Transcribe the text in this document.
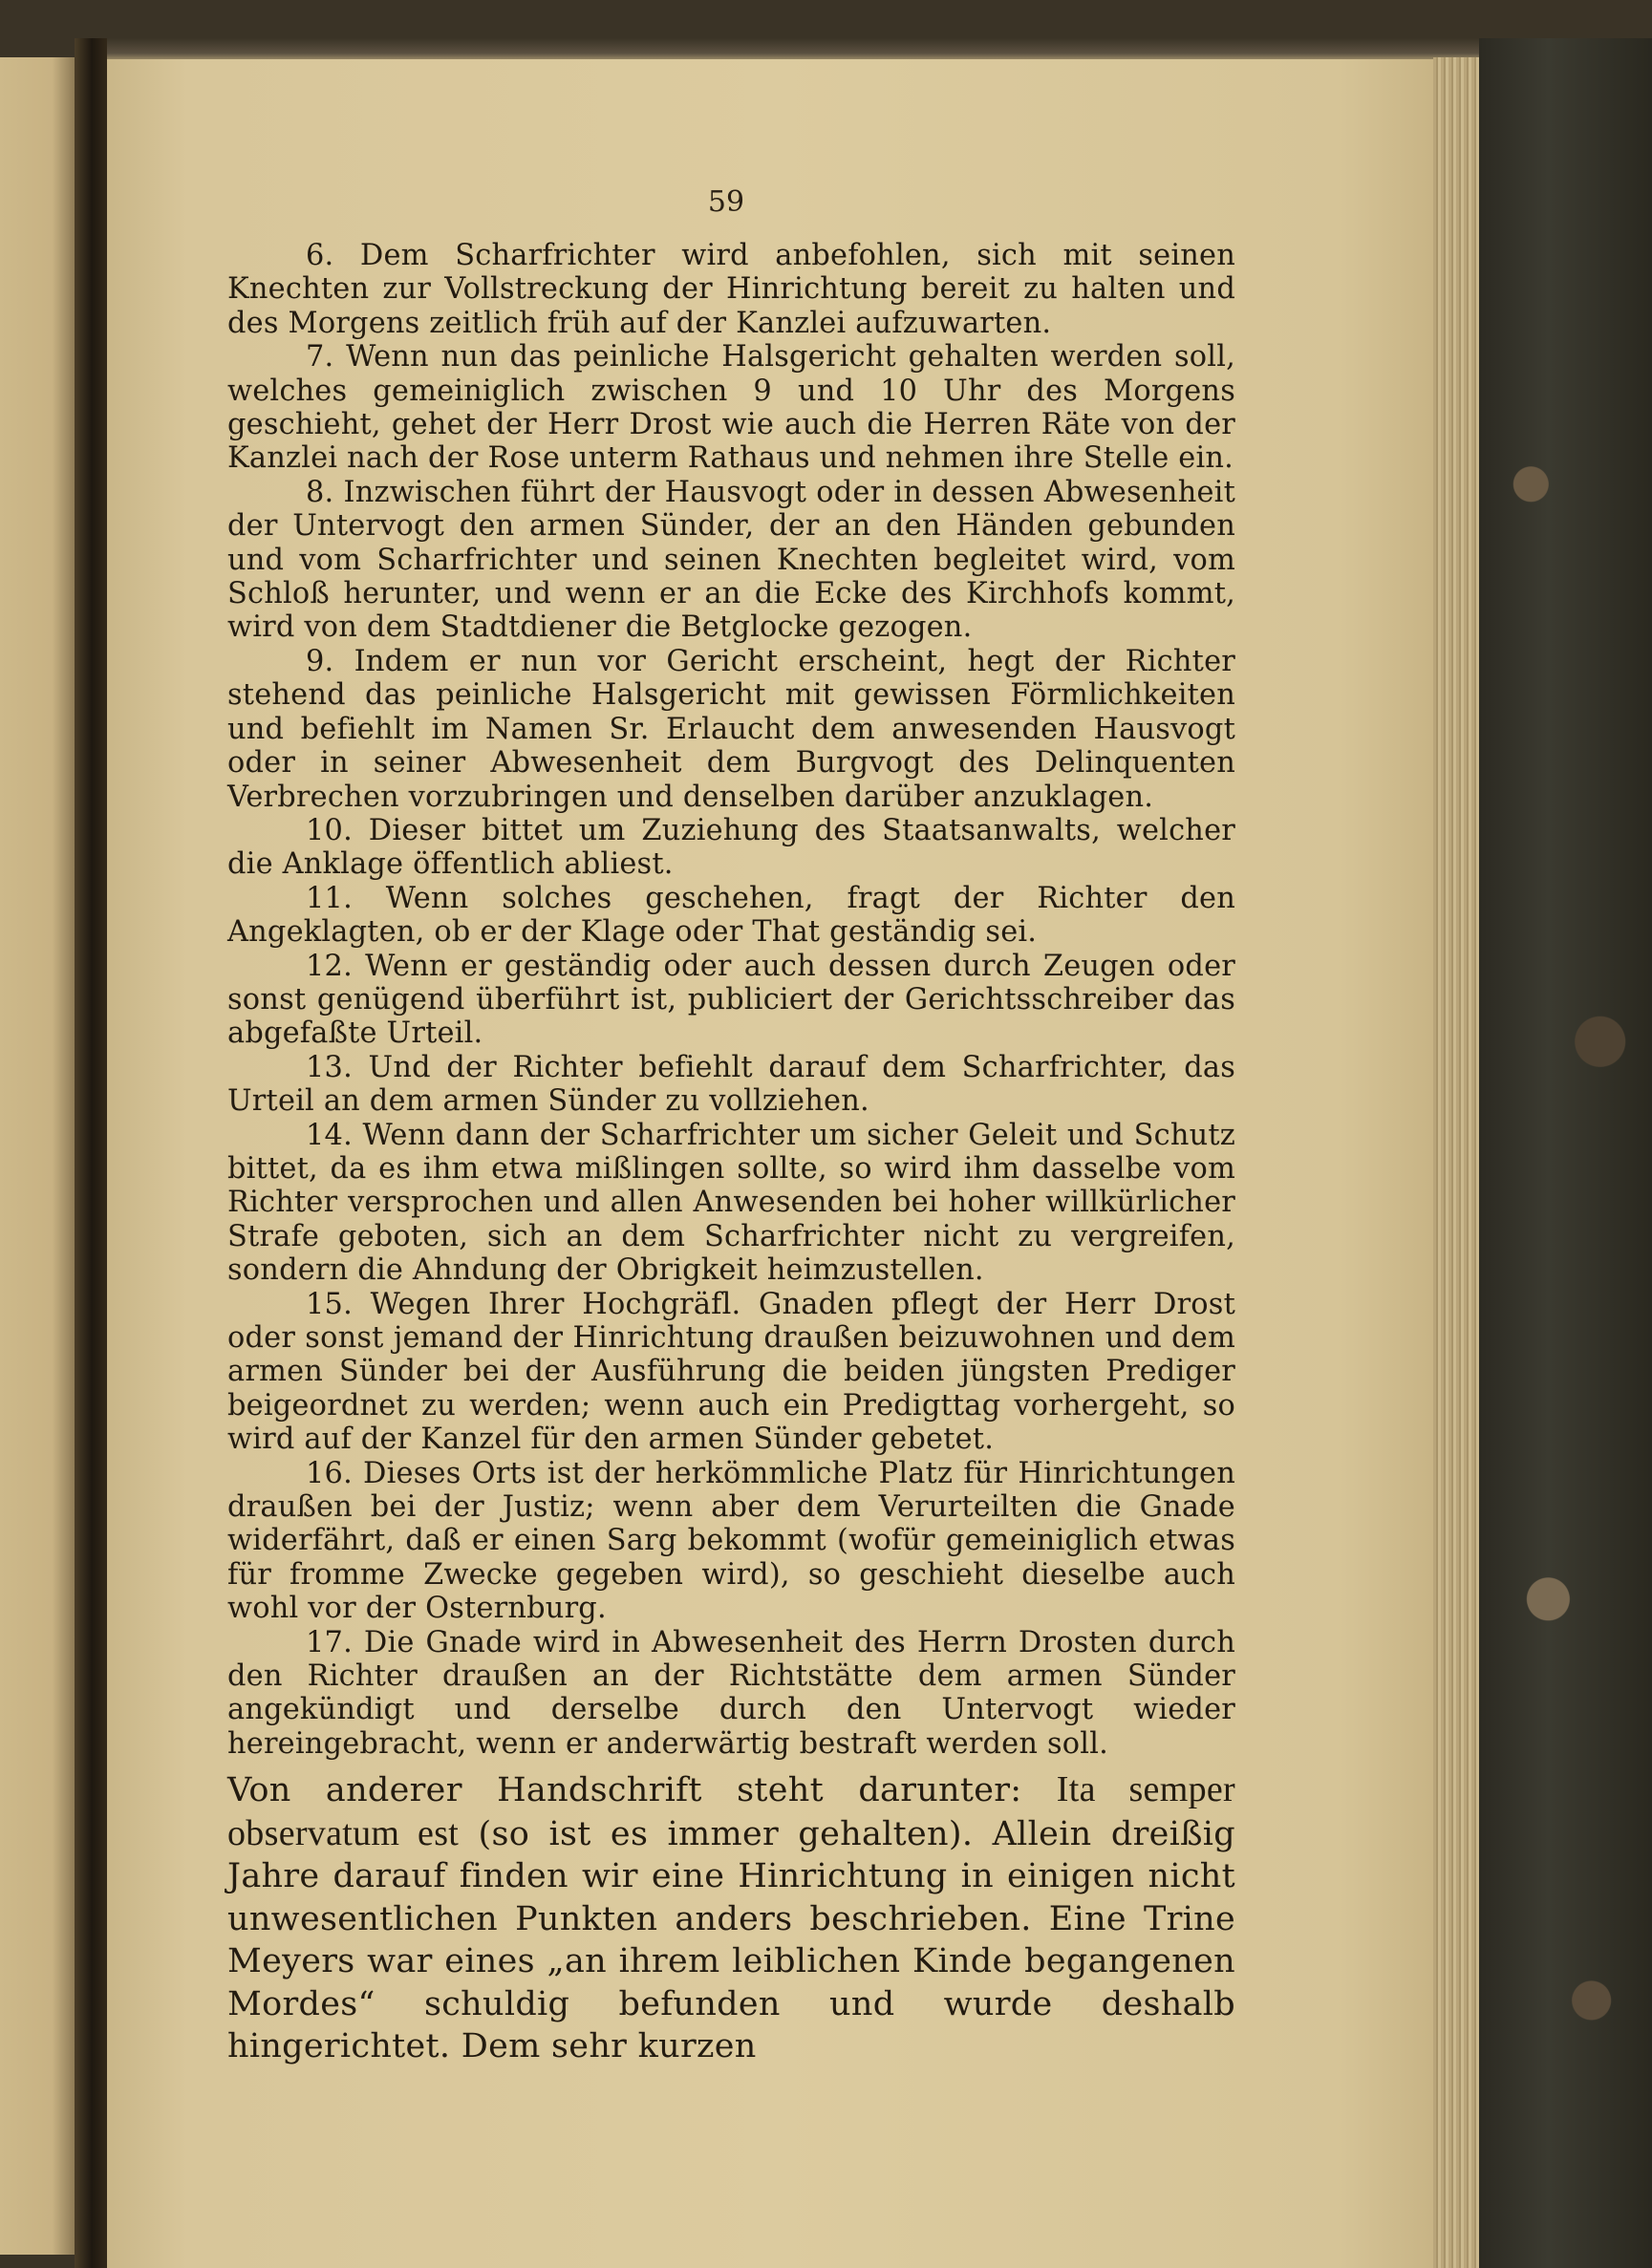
59

6. Dem Scharfrichter wird anbefohlen, sich mit seinen Knechten zur Vollstreckung der Hinrichtung bereit zu halten und des Morgens zeitlich früh auf der Kanzlei aufzuwarten.

7. Wenn nun das peinliche Halsgericht gehalten werden soll, welches gemeiniglich zwischen 9 und 10 Uhr des Morgens geschieht, gehet der Herr Drost wie auch die Herren Räte von der Kanzlei nach der Rose unterm Rathaus und nehmen ihre Stelle ein.

8. Inzwischen führt der Hausvogt oder in dessen Abwesenheit der Untervogt den armen Sünder, der an den Händen gebunden und vom Scharfrichter und seinen Knechten begleitet wird, vom Schloß herunter, und wenn er an die Ecke des Kirchhofs kommt, wird von dem Stadtdiener die Betglocke gezogen.

9. Indem er nun vor Gericht erscheint, hegt der Richter stehend das peinliche Halsgericht mit gewissen Förmlichkeiten und befiehlt im Namen Sr. Erlaucht dem anwesenden Hausvogt oder in seiner Abwesenheit dem Burgvogt des Delinquenten Verbrechen vorzubringen und denselben darüber anzuklagen.

10. Dieser bittet um Zuziehung des Staatsanwalts, welcher die Anklage öffentlich abliest.

11. Wenn solches geschehen, fragt der Richter den Angeklagten, ob er der Klage oder That geständig sei.

12. Wenn er geständig oder auch dessen durch Zeugen oder sonst genügend überführt ist, publiciert der Gerichtsschreiber das abgefaßte Urteil.

13. Und der Richter befiehlt darauf dem Scharfrichter, das Urteil an dem armen Sünder zu vollziehen.

14. Wenn dann der Scharfrichter um sicher Geleit und Schutz bittet, da es ihm etwa mißlingen sollte, so wird ihm dasselbe vom Richter versprochen und allen Anwesenden bei hoher willkürlicher Strafe geboten, sich an dem Scharfrichter nicht zu vergreifen, sondern die Ahndung der Obrigkeit heimzustellen.

15. Wegen Ihrer Hochgräfl. Gnaden pflegt der Herr Drost oder sonst jemand der Hinrichtung draußen beizuwohnen und dem armen Sünder bei der Ausführung die beiden jüngsten Prediger beigeordnet zu werden; wenn auch ein Predigttag vorhergeht, so wird auf der Kanzel für den armen Sünder gebetet.

16. Dieses Orts ist der herkömmliche Platz für Hinrichtungen draußen bei der Justiz; wenn aber dem Verurteilten die Gnade widerfährt, daß er einen Sarg bekommt (wofür gemeiniglich etwas für fromme Zwecke gegeben wird), so geschieht dieselbe auch wohl vor der Osternburg.

17. Die Gnade wird in Abwesenheit des Herrn Drosten durch den Richter draußen an der Richtstätte dem armen Sünder angekündigt und derselbe durch den Untervogt wieder hereingebracht, wenn er anderwärtig bestraft werden soll.

Von anderer Handschrift steht darunter: Ita semper observatum est (so ist es immer gehalten). Allein dreißig Jahre darauf finden wir eine Hinrichtung in einigen nicht unwesentlichen Punkten anders beschrieben. Eine Trine Meyers war eines „an ihrem leiblichen Kinde begangenen Mordes“ schuldig befunden und wurde deshalb hingerichtet. Dem sehr kurzen
